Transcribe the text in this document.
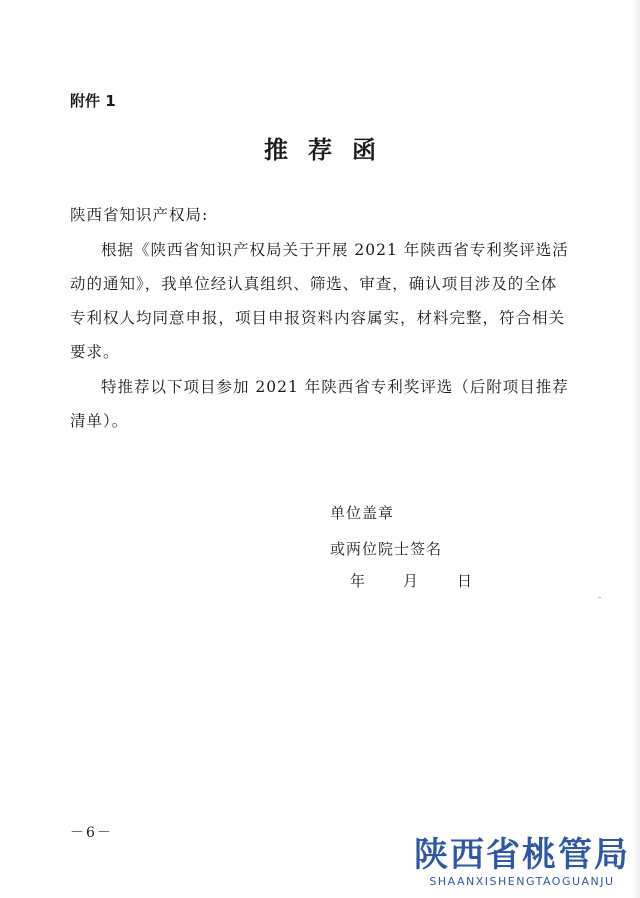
附件 1
推荐函
陕西省知识产权局:
根据《陕西省知识产权局关于开展 2021 年陕西省专利奖评选活动的通知》，我单位经认真组织、筛选、审查，确认项目涉及的全体专利权人均同意申报，项目申报资料内容属实，材料完整，符合相关要求。
特推荐以下项目参加 2021 年陕西省专利奖评选（后附项目推荐清单）。
单位盖章
或两位院士签名
年	月	日
－6－
陕西省桃管局
SHAANXISHENGTAOGUANJU
